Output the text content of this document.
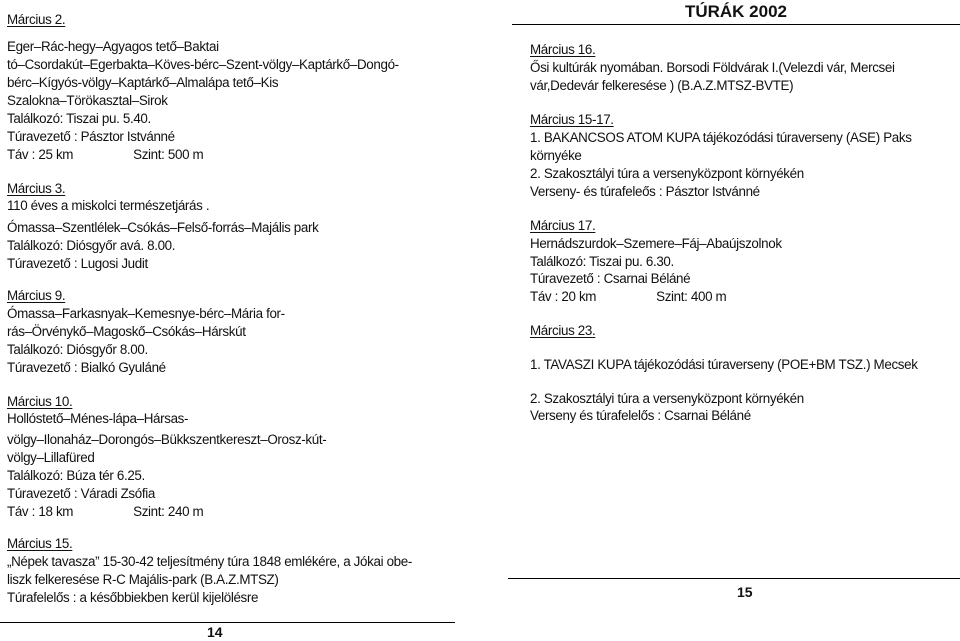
TÚRÁK 2002
Március 2.
Eger–Rác-hegy–Agyagos tető–Baktai
tó–Csordakút–Egerbakta–Köves-bérc–Szent-völgy–Kaptárkő–Dongó-
bérc–Kígyós-völgy–Kaptárkő–Almalápa tető–Kis
Szalokna–Törökasztal–Sirok
Találkozó: Tiszai pu. 5.40.
Túravezető : Pásztor Istvánné
Táv : 25 km	Szint: 500 m
Március 3.
110 éves a miskolci természetjárás .
Ómassa–Szentlélek–Csókás–Felső-forrás–Majális park
Találkozó: Diósgyőr avá. 8.00.
Túravezető : Lugosi Judit
Március 9.
Ómassa–Farkasnyak–Kemesnye-bérc–Mária for-
rás–Örvénykő–Magoskő–Csókás–Hárskút
Találkozó: Diósgyőr 8.00.
Túravezető : Bialkó Gyuláné
Március 10.
Hollóstető–Ménes-lápa–Hársas-
völgy–Ilonaház–Dorongós–Bükkszentkereszt–Orosz-kút-
völgy–Lillafüred
Találkozó: Búza tér 6.25.
Túravezető : Váradi Zsófia
Táv : 18 km	Szint: 240 m
Március 15.
„Népek tavasza” 15-30-42 teljesítmény túra 1848 emlékére, a Jókai obe-
liszk felkeresése R-C Majális-park (B.A.Z.MTSZ)
Túrafelelős : a későbbiekben kerül kijelölésre
Március 16.
Ősi kultúrák nyomában. Borsodi Földvárak I.(Velezdi vár, Mercsei
vár,Dedevár felkeresése ) (B.A.Z.MTSZ-BVTE)
Március 15-17.
1. BAKANCSOS ATOM KUPA tájékozódási túraverseny (ASE) Paks
környéke
2. Szakosztályi túra a versenyközpont környékén
Verseny- és túrafeleős : Pásztor Istvánné
Március 17.
Hernádszurdok–Szemere–Fáj–Abaújszolnok
Találkozó: Tiszai pu. 6.30.
Túravezető : Csarnai Béláné
Táv : 20 km	Szint: 400 m
Március 23.
1. TAVASZI KUPA tájékozódási túraverseny (POE+BM TSZ.) Mecsek
2. Szakosztályi túra a versenyközpont környékén
Verseny és túrafelelős : Csarnai Béláné
14
15
